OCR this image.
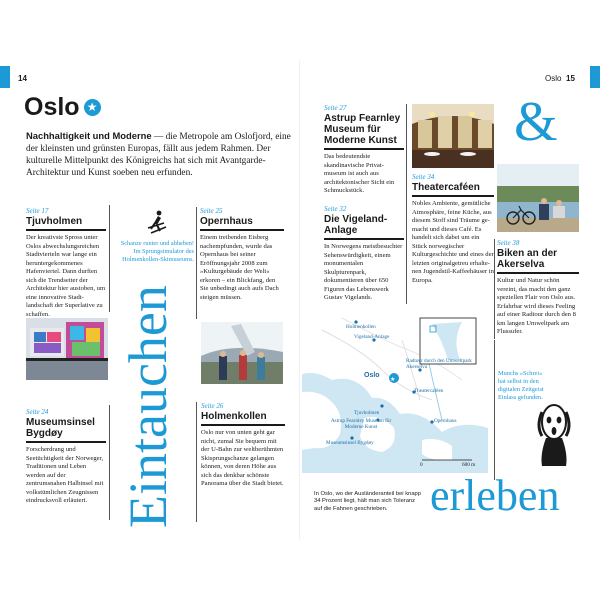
14	Oslo 15
Oslo ★
Nachhaltigkeit und Moderne — die Metropole am Oslofjord, eine der kleinsten und grünsten Europas, fällt aus jedem Rahmen. Der kulturelle Mittelpunkt des Königreichs hat sich mit Avantgarde-Architektur und Kunst soeben neu erfunden.
Seite 17
Tjuvholmen
Der kreativste Spross unter Oslos abwechslungsreichen Stadtvierteln war lange ein heruntergekommenes Hafenviertel. Dann durften sich die Trendsetter der Architektur hier austoben, um eine innovative Stadtlandschaft der Superlative zu schaffen.
Schanze runter und abheben! Im Sprungsimulator des Holmenkollen-Skimuseums.
Seite 25
Opernhaus
Einem treibenden Eisberg nachempfunden, wurde das Opernhaus bei seiner Eröffnungsjahr 2008 zum »Kulturgebäude der Welt« erkoren – ein Blickfang, den Sie unbedingt auch aufs Dach steigen müssen.
Seite 24
Museumsinsel Bygdøy
Forscherdrang und Seetüchtigkeit der Norweger, Traditionen und Leben werden auf der zentrumsnahen Halbinsel mit volkstümlichen Zeugnissen eindrucksvoll erläutert.
Seite 26
Holmenkollen
Oslo nur von unten geht gar nicht, zumal Sie bequem mit der U-Bahn zur weltberühmten Skisprungschanze gelangen können, von deren Höhe aus sich das denkbar schönste Panorama über die Stadt bietet.
Eintauchen
Seite 27
Astrup Fearnley Museum für Moderne Kunst
Das bedeutendste skandinavische Privatmuseum ist auch aus architektonischer Sicht ein Schmuckstück.
&
Seite 34
Theatercaféen
Nobles Ambiente, gemütliche Atmosphäre, feine Küche, aus diesem Stoff sind Träume gemacht und dieses Café. Es handelt sich dabei um ein Stück norwegischer Kulturgeschichte und eines der letzten originalgetreu erhaltenen Jugendstil-Kaffeehäuser in Europa.
Seite 32
Die Vigeland-Anlage
In Norwegens meistbesuchter Sehenswürdigkeit, einem monumentalen Skulpturenpark, dokumentieren über 650 Figuren das Lebenswerk Gustav Vigelands.
Seite 38
Biken an der Akerselva
Kultur und Natur schön vereint, das macht den ganz speziellen Flair von Oslo aus. Erfahrbar wird dieses Feeling auf einer Radtour durch den 8 km langen Umweltpark am Flussufer.
★
Holmenkollen
Vigeland-Anlage
Oslo
Radtour durch den Umweltpark Akerselva
Theatercaféen
Opernhaus
Tjuvholmen
Astrup Fearnley Museum für Moderne Kunst
Museumsinsel Bygdøy
0	600 m
Munchs »Schrei« hat selbst in den digitalen Zeitgeist Einlass gefunden.
In Oslo, wo der Ausländeranteil bei knapp 34 Prozent liegt, hält man sich Toleranz auf die Fahnen geschrieben. erleben
